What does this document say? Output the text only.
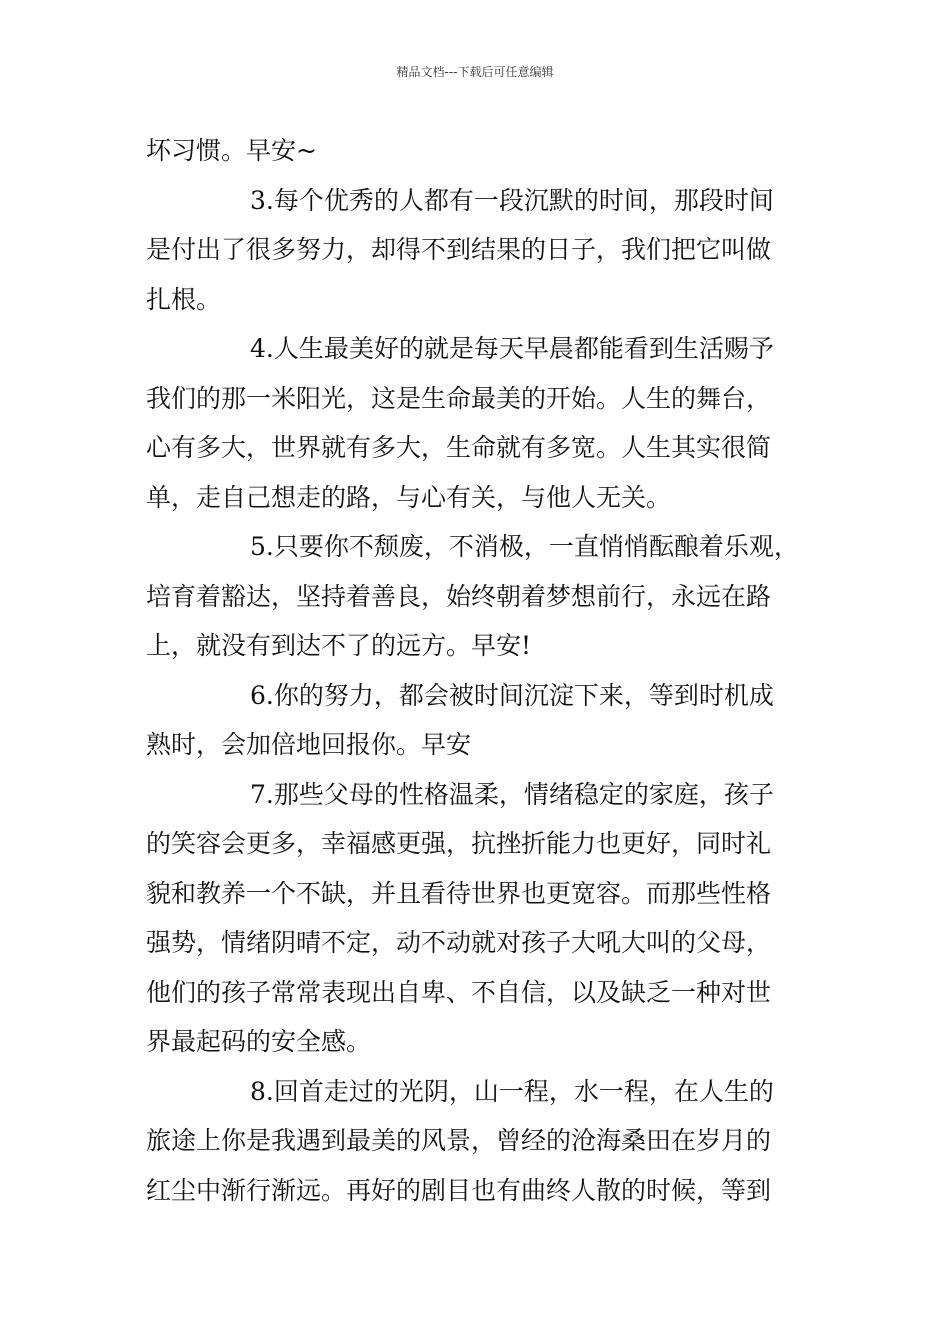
精品文档---下载后可任意编辑

坏习惯。早安~

3.每个优秀的人都有一段沉默的时间，那段时间
是付出了很多努力，却得不到结果的日子，我们把它叫做
扎根。

4.人生最美好的就是每天早晨都能看到生活赐予
我们的那一米阳光，这是生命最美的开始。人生的舞台，
心有多大，世界就有多大，生命就有多宽。人生其实很简
单，走自己想走的路，与心有关，与他人无关。

5.只要你不颓废，不消极，一直悄悄酝酿着乐观，
培育着豁达，坚持着善良，始终朝着梦想前行，永远在路
上，就没有到达不了的远方。早安!

6.你的努力，都会被时间沉淀下来，等到时机成
熟时，会加倍地回报你。早安

7.那些父母的性格温柔，情绪稳定的家庭，孩子
的笑容会更多，幸福感更强，抗挫折能力也更好，同时礼
貌和教养一个不缺，并且看待世界也更宽容。而那些性格
强势，情绪阴晴不定，动不动就对孩子大吼大叫的父母，
他们的孩子常常表现出自卑、不自信，以及缺乏一种对世
界最起码的安全感。

8.回首走过的光阴，山一程，水一程，在人生的
旅途上你是我遇到最美的风景，曾经的沧海桑田在岁月的
红尘中渐行渐远。再好的剧目也有曲终人散的时候，等到
